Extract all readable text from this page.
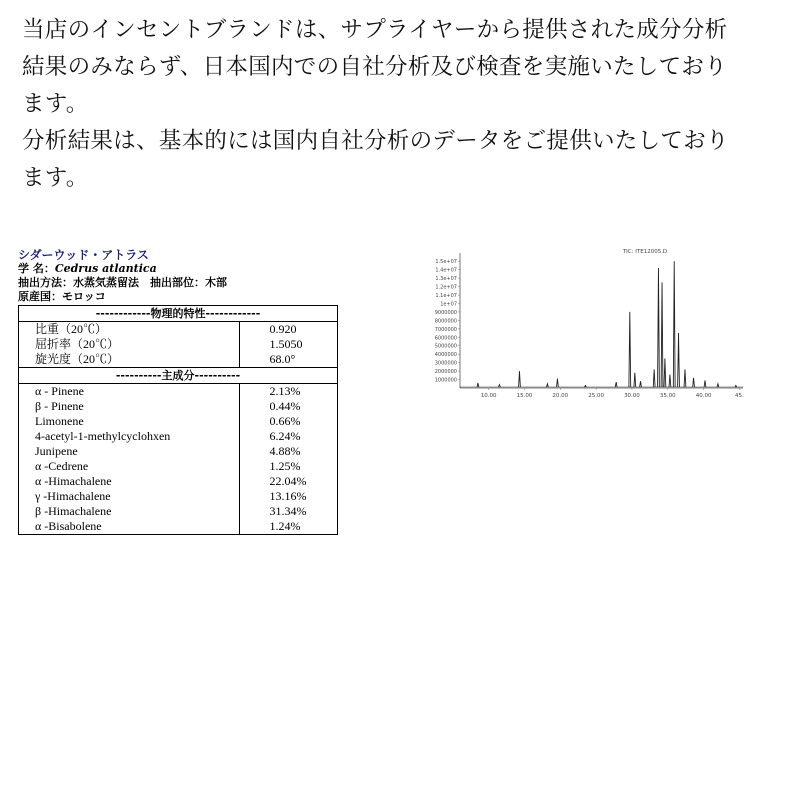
当店のインセントブランドは、サプライヤーから提供された成分分析

結果のみならず、日本国内での自社分析及び検査を実施いたしており

ます。

分析結果は、基本的には国内自社分析のデータをご提供いたしており

ます。

シダーウッド・アトラス
学 名：Cedrus atlantica
抽出方法：水蒸気蒸留法　抽出部位：木部
原産国：モロッコ
------------物理的特性------------	
比重（20℃）	0.920
屈折率（20℃）	1.5050
旋光度（20℃）	68.0°
----------主成分----------	
α - Pinene	2.13%
β - Pinene	0.44%
Limonene	0.66%
4-acetyl-1-methylcyclohxen	6.24%
Junipene	4.88%
α -Cedrene	1.25%
α -Himachalene	22.04%
γ -Himachalene	13.16%
β -Himachalene	31.34%
α -Bisabolene	1.24%
TIC: ITE12005.D
1.5e+07
1.4e+07
1.3e+07
1.2e+07
1.1e+07
1e+07
9000000
8000000
7000000
6000000
5000000
4000000
3000000
2000000
1000000
10.00	15.00	20.00	25.00	30.00	35.00	40.00	45.
